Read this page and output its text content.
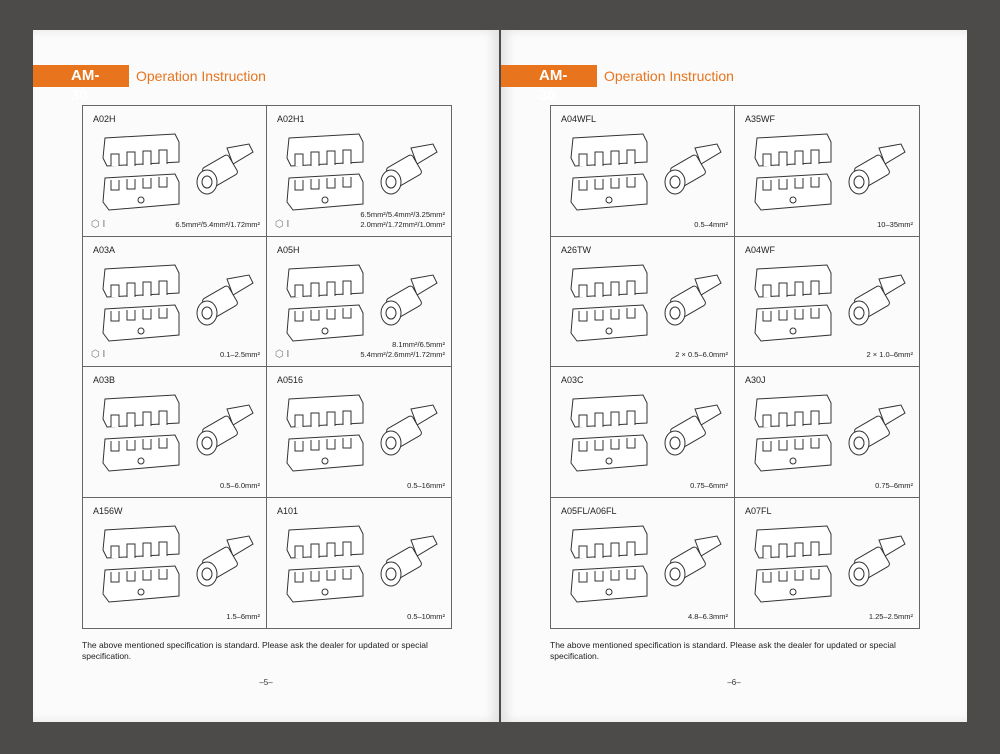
AM-30
Operation Instruction
A02H
⬡ I	6.5mm²/5.4mm²/1.72mm²
A02H1
⬡ I
6.5mm²/5.4mm²/3.25mm²
2.0mm²/1.72mm²/1.0mm²
A03A
⬡ I	0.1–2.5mm²
A05H
⬡ I
8.1mm²/6.5mm²
5.4mm²/2.6mm²/1.72mm²
A03B
0.5–6.0mm²
A0516
0.5–16mm²
A156W
1.5–6mm²
A101
0.5–10mm²
The above mentioned specification is standard. Please ask the dealer for updated or special specification.
–5–
AM-30
Operation Instruction
A04WFL
0.5–4mm²
A35WF
10–35mm²
A26TW
2 × 0.5–6.0mm²
A04WF
2 × 1.0–6mm²
A03C
0.75–6mm²
A30J
0.75–6mm²
A05FL/A06FL
4.8–6.3mm²
A07FL
1.25–2.5mm²
The above mentioned specification is standard. Please ask the dealer for updated or special specification.
–6–
